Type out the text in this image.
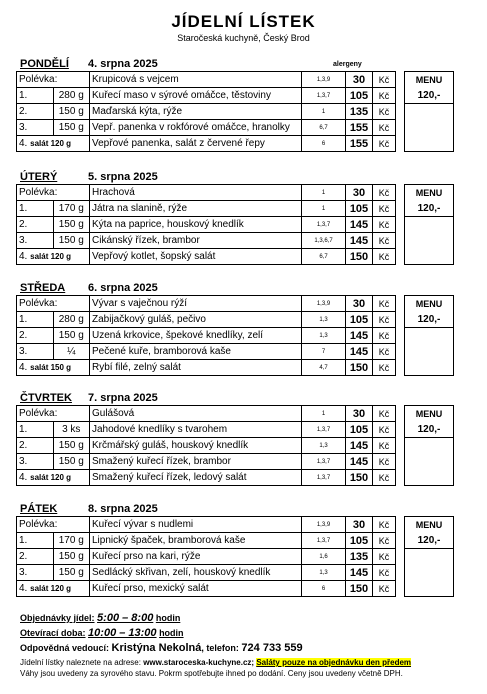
JÍDELNÍ LÍSTEK
Staročeská kuchyně, Český Brod
PONDĚLÍ 4. srpna 2025	alergeny
Polévka:		Krupicová s vejcem	1,3,9	30	Kč		MENU
1.	280 g	Kuřecí maso v sýrové omáčce, těstoviny	1,3,7	105	Kč		120,-
2.	150 g	Maďarská kýta, rýže	1	135	Kč		
3.	150 g	Vepř. panenka v rokfórové omáčce, hranolky	6,7	155	Kč		
4. salát 120 g		Vepřové panenka, salát z červené řepy	6	155	Kč		
ÚTERÝ	5. srpna 2025
Polévka:		Hrachová	1	30	Kč		MENU
1.	170 g	Játra na slanině, rýže	1	105	Kč		120,-
2.	150 g	Kýta na paprice, houskový knedlík	1,3,7	145	Kč		
3.	150 g	Cikánský řízek, brambor	1,3,6,7	145	Kč		
4. salát 120 g		Vepřový kotlet, šopský salát	6,7	150	Kč		
STŘEDA 6. srpna 2025
Polévka:		Vývar s vaječnou rýží	1,3,9	30	Kč		MENU
1.	280 g	Zabijačkový guláš, pečivo	1,3	105	Kč		120,-
2.	150 g	Uzená krkovice, špekové knedlíky, zelí	1,3	145	Kč		
3.	¼	Pečené kuře, bramborová kaše	7	145	Kč		
4. salát 150 g		Rybí filé, zelný salát	4,7	150	Kč		
ČTVRTEK 7. srpna 2025
Polévka:		Gulášová	1	30	Kč		MENU
1.	3 ks	Jahodové knedlíky s tvarohem	1,3,7	105	Kč		120,-
2.	150 g	Krčmářský guláš, houskový knedlík	1,3	145	Kč		
3.	150 g	Smažený kuřecí řízek, brambor	1,3,7	145	Kč		
4. salát 120 g		Smažený kuřecí řízek, ledový salát	1,3,7	150	Kč		
PÁTEK	8. srpna 2025
Polévka:		Kuřecí vývar s nudlemi	1,3,9	30	Kč		MENU
1.	170 g	Lipnický špaček, bramborová kaše	1,3,7	105	Kč		120,-
2.	150 g	Kuřecí prso na kari, rýže	1,6	135	Kč		
3.	150 g	Sedlácký skřivan, zelí, houskový knedlík	1,3	145	Kč		
4. salát 120 g		Kuřecí prso, mexický salát	6	150	Kč		
Objednávky jídel: 5:00 – 8:00 hodin
Otevírací doba: 10:00 – 13:00 hodin
Odpovědná vedoucí: Kristýna Nekolná, telefon: 724 733 559
Jídelní lístky naleznete na adrese: www.staroceska-kuchyne.cz; Saláty pouze na objednávku den předem
Váhy jsou uvedeny za syrového stavu. Pokrm spotřebujte ihned po dodání. Ceny jsou uvedeny včetně DPH.
